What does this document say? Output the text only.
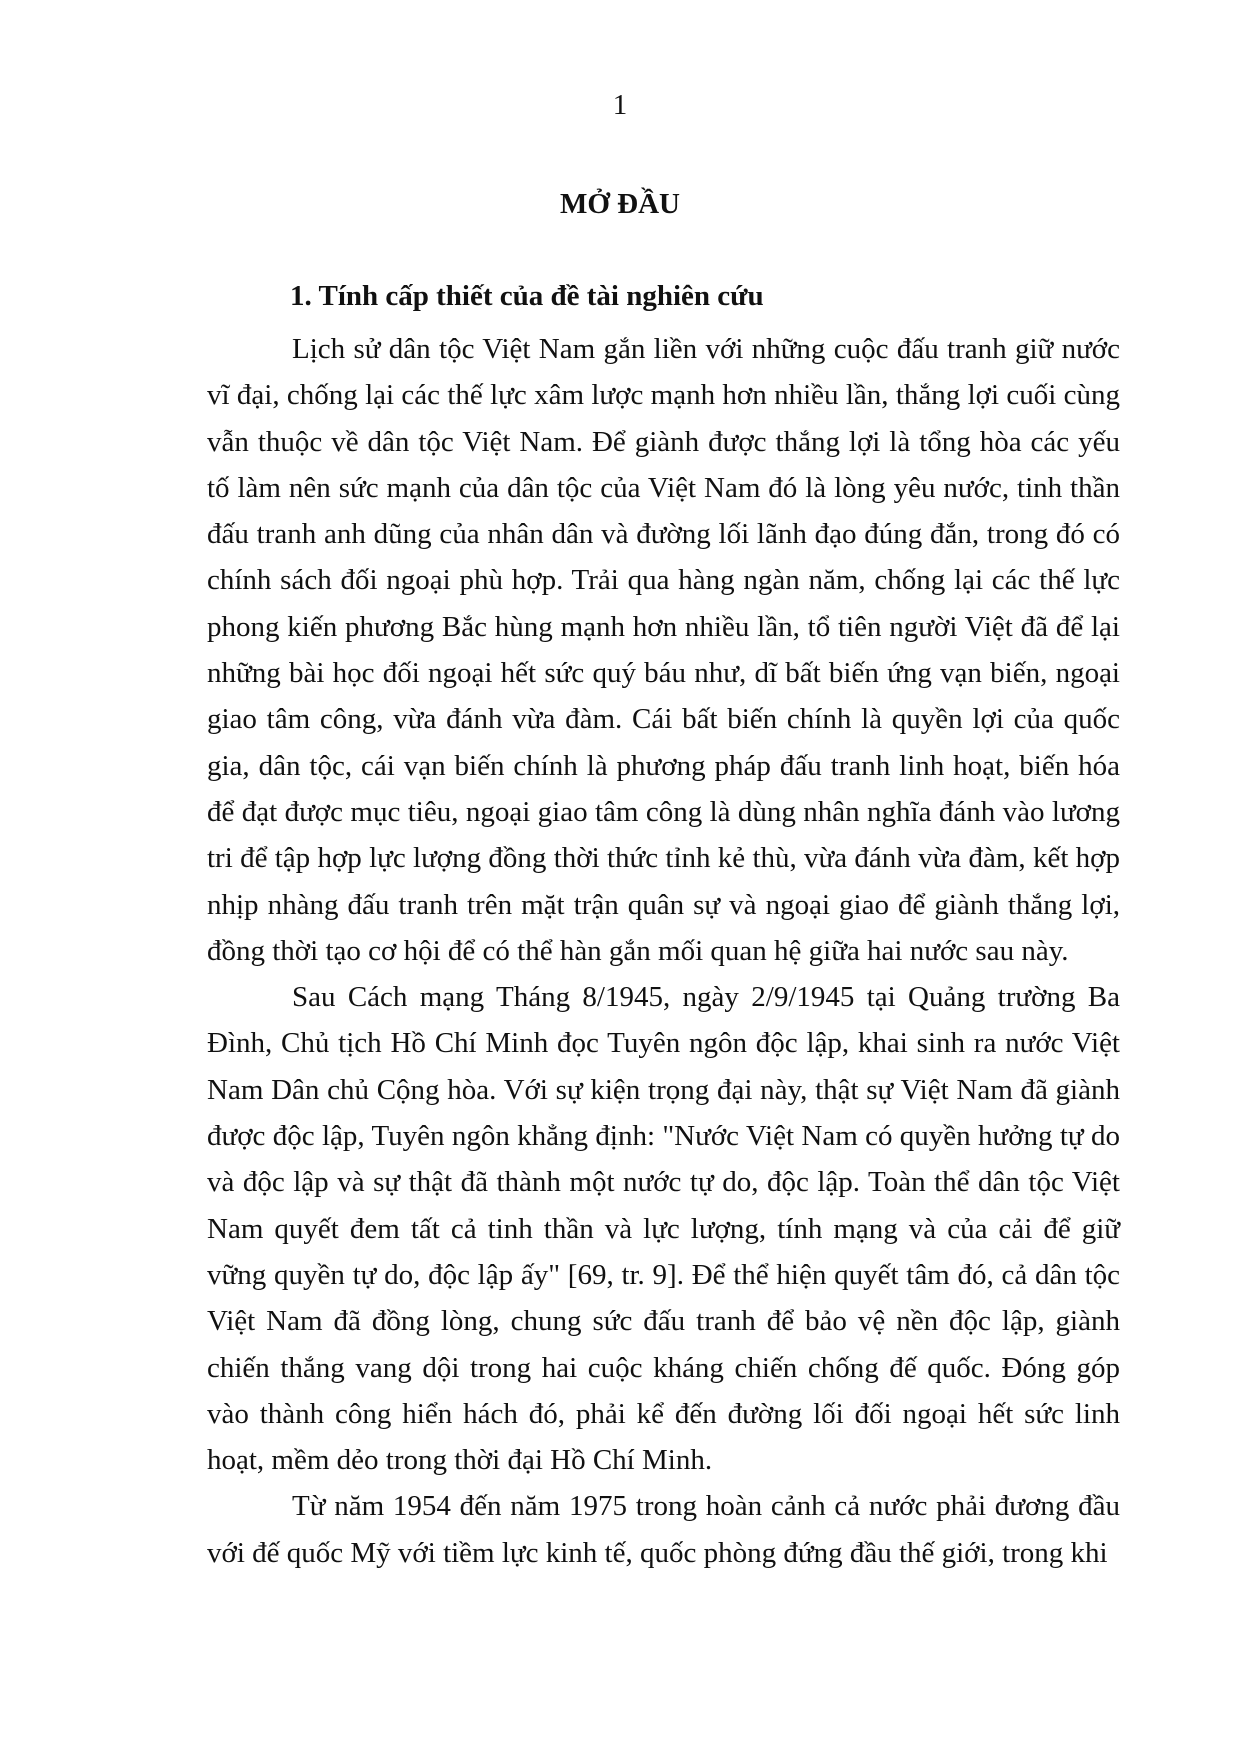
1
MỞ ĐẦU
1. Tính cấp thiết của đề tài nghiên cứu

Lịch sử dân tộc Việt Nam gắn liền với những cuộc đấu tranh giữ nước vĩ đại, chống lại các thế lực xâm lược mạnh hơn nhiều lần, thắng lợi cuối cùng vẫn thuộc về dân tộc Việt Nam. Để giành được thắng lợi là tổng hòa các yếu tố làm nên sức mạnh của dân tộc của Việt Nam đó là lòng yêu nước, tinh thần đấu tranh anh dũng của nhân dân và đường lối lãnh đạo đúng đắn, trong đó có chính sách đối ngoại phù hợp. Trải qua hàng ngàn năm, chống lại các thế lực phong kiến phương Bắc hùng mạnh hơn nhiều lần, tổ tiên người Việt đã để lại những bài học đối ngoại hết sức quý báu như, dĩ bất biến ứng vạn biến, ngoại giao tâm công, vừa đánh vừa đàm. Cái bất biến chính là quyền lợi của quốc gia, dân tộc, cái vạn biến chính là phương pháp đấu tranh linh hoạt, biến hóa để đạt được mục tiêu, ngoại giao tâm công là dùng nhân nghĩa đánh vào lương tri để tập hợp lực lượng đồng thời thức tỉnh kẻ thù, vừa đánh vừa đàm, kết hợp nhịp nhàng đấu tranh trên mặt trận quân sự và ngoại giao để giành thắng lợi, đồng thời tạo cơ hội để có thể hàn gắn mối quan hệ giữa hai nước sau này.

Sau Cách mạng Tháng 8/1945, ngày 2/9/1945 tại Quảng trường Ba Đình, Chủ tịch Hồ Chí Minh đọc Tuyên ngôn độc lập, khai sinh ra nước Việt Nam Dân chủ Cộng hòa. Với sự kiện trọng đại này, thật sự Việt Nam đã giành được độc lập, Tuyên ngôn khẳng định: "Nước Việt Nam có quyền hưởng tự do và độc lập và sự thật đã thành một nước tự do, độc lập. Toàn thể dân tộc Việt Nam quyết đem tất cả tinh thần và lực lượng, tính mạng và của cải để giữ vững quyền tự do, độc lập ấy" [69, tr. 9]. Để thể hiện quyết tâm đó, cả dân tộc Việt Nam đã đồng lòng, chung sức đấu tranh để bảo vệ nền độc lập, giành chiến thắng vang dội trong hai cuộc kháng chiến chống đế quốc. Đóng góp vào thành công hiển hách đó, phải kể đến đường lối đối ngoại hết sức linh hoạt, mềm dẻo trong thời đại Hồ Chí Minh.

Từ năm 1954 đến năm 1975 trong hoàn cảnh cả nước phải đương đầu với đế quốc Mỹ với tiềm lực kinh tế, quốc phòng đứng đầu thế giới, trong khi
